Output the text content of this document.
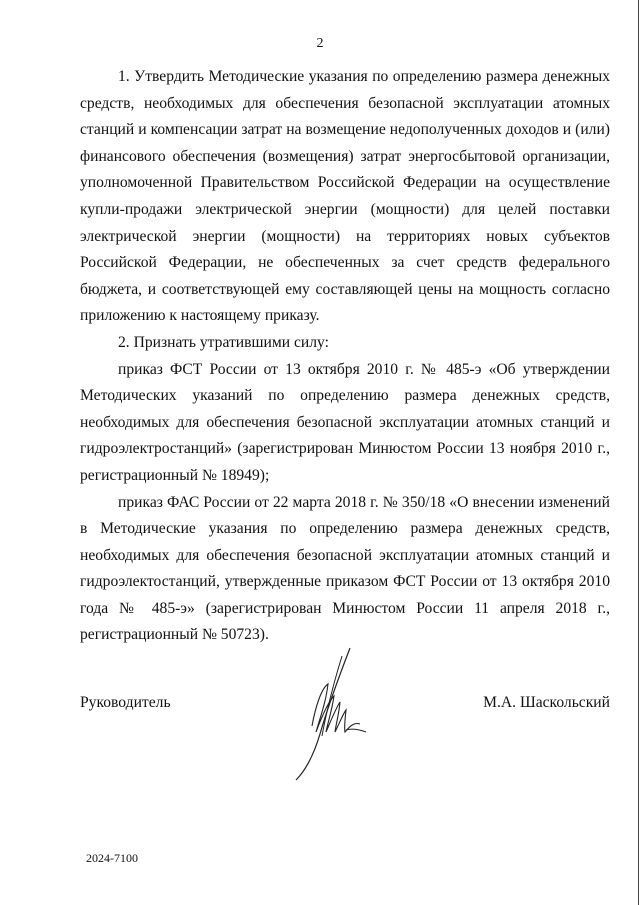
2

1. Утвердить Методические указания по определению размера денежных средств, необходимых для обеспечения безопасной эксплуатации атомных станций и компенсации затрат на возмещение недополученных доходов и (или) финансового обеспечения (возмещения) затрат энергосбытовой организации, уполномоченной Правительством Российской Федерации на осуществление купли-продажи электрической энергии (мощности) для целей поставки электрической энергии (мощности) на территориях новых субъектов Российской Федерации, не обеспеченных за счет средств федерального бюджета, и соответствующей ему составляющей цены на мощность согласно приложению к настоящему приказу.

2. Признать утратившими силу:

приказ ФСТ России от 13 октября 2010 г. № 485-э «Об утверждении Методических указаний по определению размера денежных средств, необходимых для обеспечения безопасной эксплуатации атомных станций и гидроэлектростанций» (зарегистрирован Минюстом России 13 ноября 2010 г., регистрационный № 18949);

приказ ФАС России от 22 марта 2018 г. № 350/18 «О внесении изменений в Методические указания по определению размера денежных средств, необходимых для обеспечения безопасной эксплуатации атомных станций и гидроэлектостанций, утвержденные приказом ФСТ России от 13 октября 2010 года № 485-э» (зарегистрирован Минюстом России 11 апреля 2018 г., регистрационный № 50723).

Руководитель	М.А. Шаскольский
2024-7100
